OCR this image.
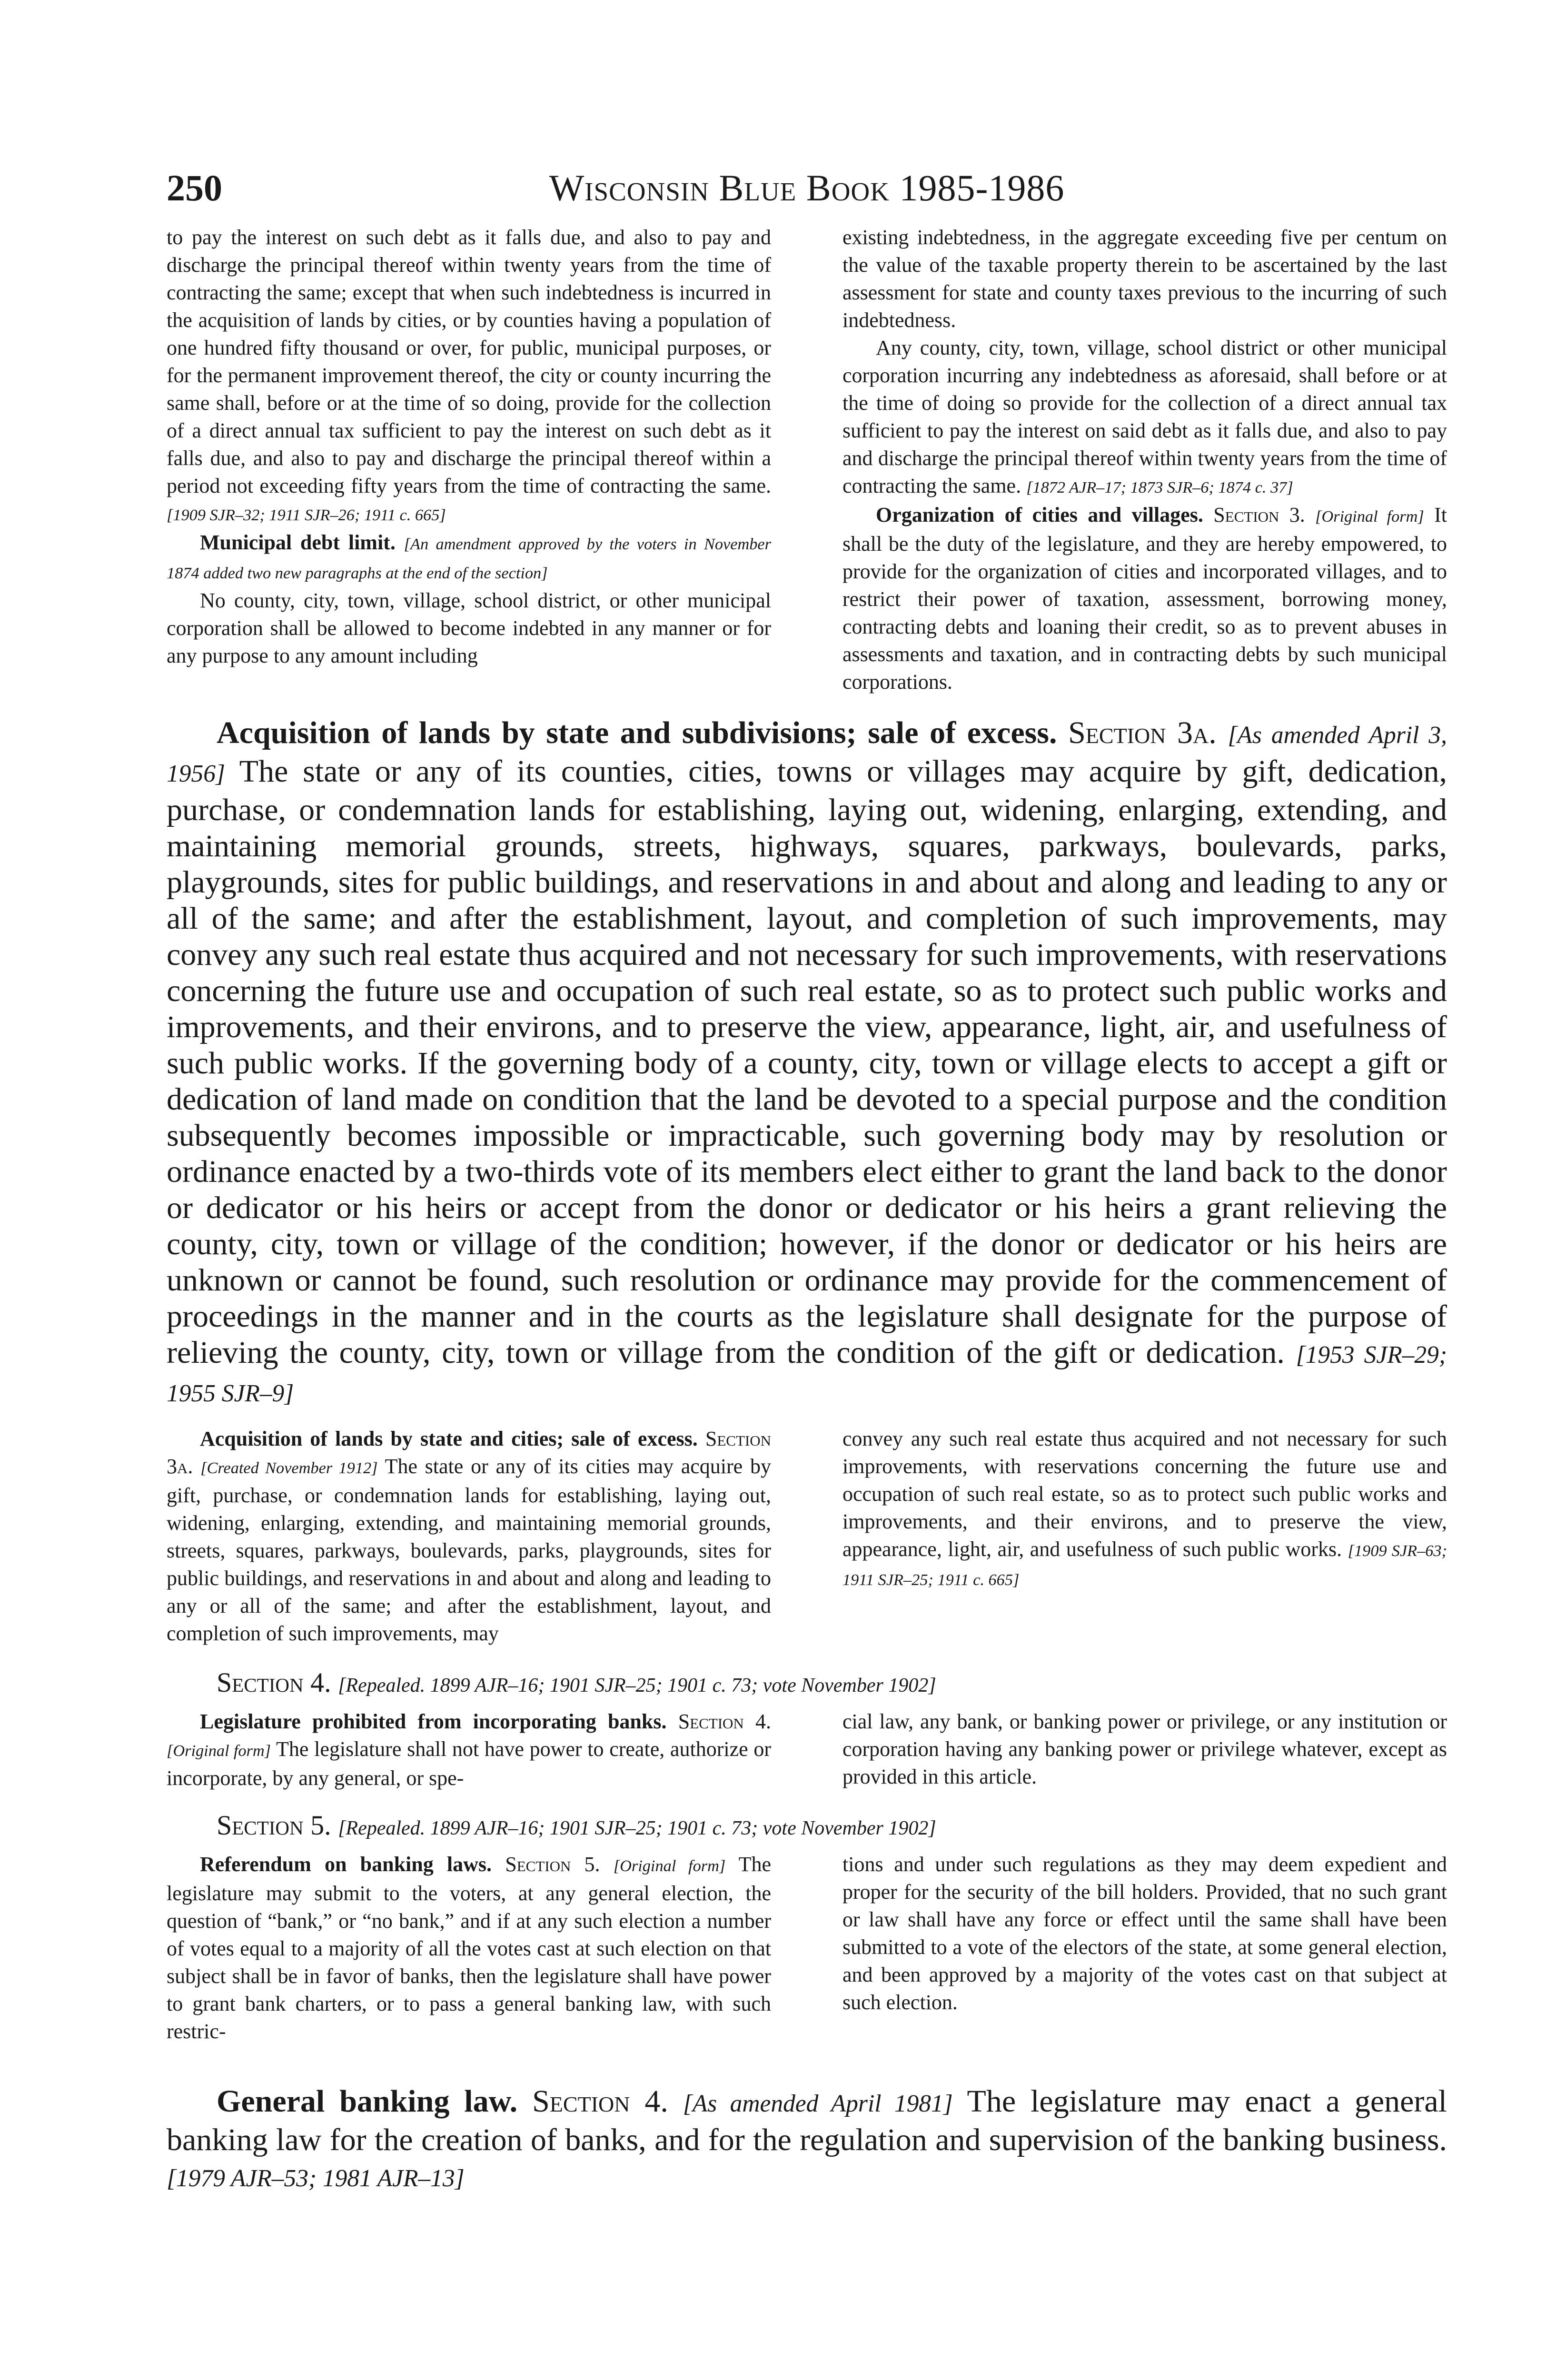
250	Wisconsin Blue Book 1985-1986

to pay the interest on such debt as it falls due, and also to pay and discharge the principal thereof within twenty years from the time of contracting the same; except that when such indebtedness is incurred in the acquisition of lands by cities, or by counties having a population of one hundred fifty thousand or over, for public, municipal purposes, or for the permanent improvement thereof, the city or county incurring the same shall, before or at the time of so doing, provide for the collection of a direct annual tax sufficient to pay the interest on such debt as it falls due, and also to pay and discharge the principal thereof within a period not exceeding fifty years from the time of contracting the same. [1909 SJR–32; 1911 SJR–26; 1911 c. 665]

Municipal debt limit. [An amendment approved by the voters in November 1874 added two new paragraphs at the end of the section]

No county, city, town, village, school district, or other municipal corporation shall be allowed to become indebted in any manner or for any purpose to any amount including

existing indebtedness, in the aggregate exceeding five per centum on the value of the taxable property therein to be ascertained by the last assessment for state and county taxes previous to the incurring of such indebtedness.

Any county, city, town, village, school district or other municipal corporation incurring any indebtedness as aforesaid, shall before or at the time of doing so provide for the collection of a direct annual tax sufficient to pay the interest on said debt as it falls due, and also to pay and discharge the principal thereof within twenty years from the time of contracting the same. [1872 AJR–17; 1873 SJR–6; 1874 c. 37]

Organization of cities and villages. Section 3. [Original form] It shall be the duty of the legislature, and they are hereby empowered, to provide for the organization of cities and incorporated villages, and to restrict their power of taxation, assessment, borrowing money, contracting debts and loaning their credit, so as to prevent abuses in assessments and taxation, and in contracting debts by such municipal corporations.

Acquisition of lands by state and subdivisions; sale of excess. Section 3a. [As amended April 3, 1956] The state or any of its counties, cities, towns or villages may acquire by gift, dedication, purchase, or condemnation lands for establishing, laying out, widening, enlarging, extending, and maintaining memorial grounds, streets, highways, squares, parkways, boulevards, parks, playgrounds, sites for public buildings, and reservations in and about and along and leading to any or all of the same; and after the establishment, layout, and completion of such improvements, may convey any such real estate thus acquired and not necessary for such improvements, with reservations concerning the future use and occupation of such real estate, so as to protect such public works and improvements, and their environs, and to preserve the view, appearance, light, air, and usefulness of such public works. If the governing body of a county, city, town or village elects to accept a gift or dedication of land made on condition that the land be devoted to a special purpose and the condition subsequently becomes impossible or impracticable, such governing body may by resolution or ordinance enacted by a two-thirds vote of its members elect either to grant the land back to the donor or dedicator or his heirs or accept from the donor or dedicator or his heirs a grant relieving the county, city, town or village of the condition; however, if the donor or dedicator or his heirs are unknown or cannot be found, such resolution or ordinance may provide for the commencement of proceedings in the manner and in the courts as the legislature shall designate for the purpose of relieving the county, city, town or village from the condition of the gift or dedication. [1953 SJR–29; 1955 SJR–9]

Acquisition of lands by state and cities; sale of excess. Section 3a. [Created November 1912] The state or any of its cities may acquire by gift, purchase, or condemnation lands for establishing, laying out, widening, enlarging, extending, and maintaining memorial grounds, streets, squares, parkways, boulevards, parks, playgrounds, sites for public buildings, and reservations in and about and along and leading to any or all of the same; and after the establishment, layout, and completion of such improvements, may

convey any such real estate thus acquired and not necessary for such improvements, with reservations concerning the future use and occupation of such real estate, so as to protect such public works and improvements, and their environs, and to preserve the view, appearance, light, air, and usefulness of such public works. [1909 SJR–63; 1911 SJR–25; 1911 c. 665]

Section 4. [Repealed. 1899 AJR–16; 1901 SJR–25; 1901 c. 73; vote November 1902]

Legislature prohibited from incorporating banks. Section 4. [Original form] The legislature shall not have power to create, authorize or incorporate, by any general, or spe-

cial law, any bank, or banking power or privilege, or any institution or corporation having any banking power or privilege whatever, except as provided in this article.

Section 5. [Repealed. 1899 AJR–16; 1901 SJR–25; 1901 c. 73; vote November 1902]

Referendum on banking laws. Section 5. [Original form] The legislature may submit to the voters, at any general election, the question of “bank,” or “no bank,” and if at any such election a number of votes equal to a majority of all the votes cast at such election on that subject shall be in favor of banks, then the legislature shall have power to grant bank charters, or to pass a general banking law, with such restric-

tions and under such regulations as they may deem expedient and proper for the security of the bill holders. Provided, that no such grant or law shall have any force or effect until the same shall have been submitted to a vote of the electors of the state, at some general election, and been approved by a majority of the votes cast on that subject at such election.

General banking law. Section 4. [As amended April 1981] The legislature may enact a general banking law for the creation of banks, and for the regulation and supervision of the banking business. [1979 AJR–53; 1981 AJR–13]
